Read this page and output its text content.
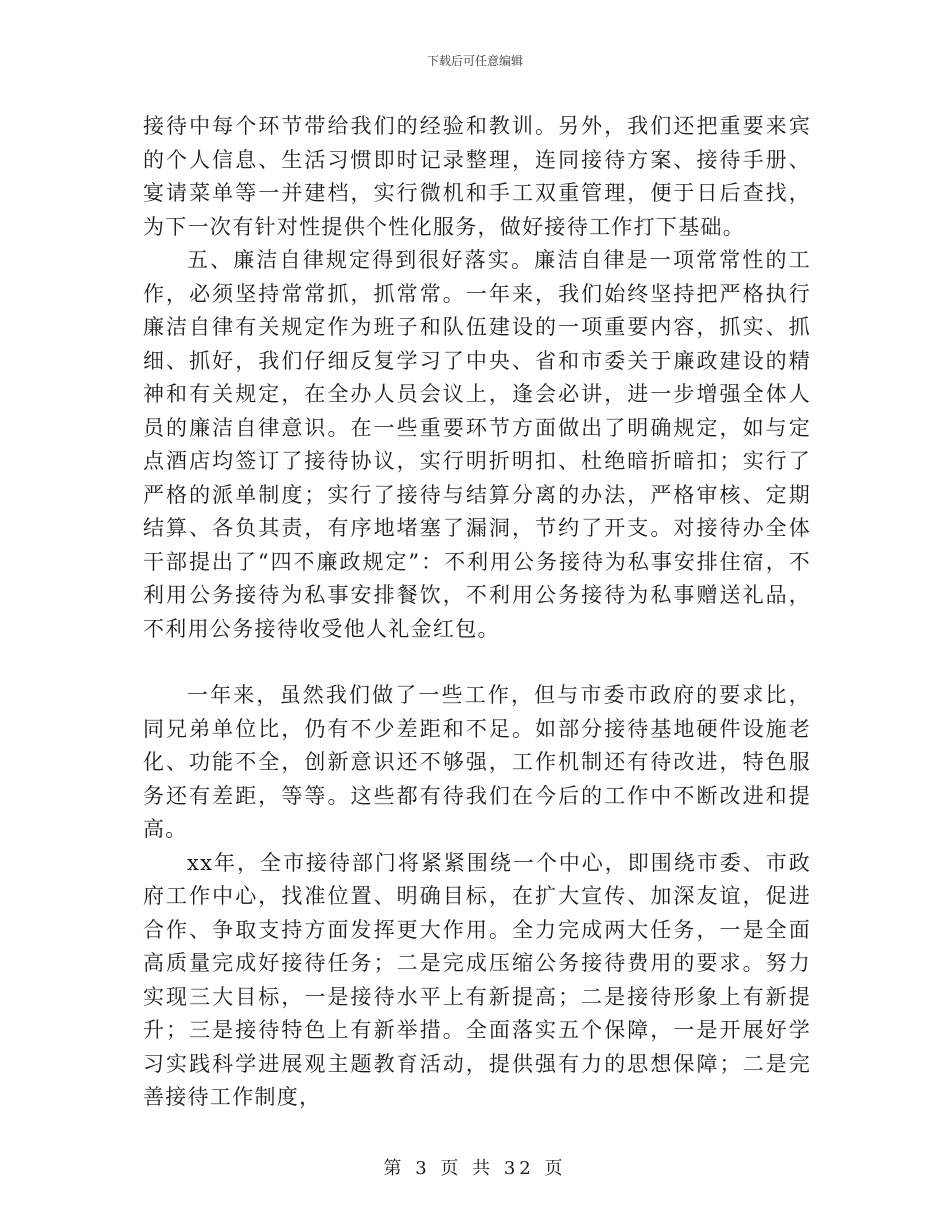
下载后可任意编辑

接待中每个环节带给我们的经验和教训。另外，我们还把重要来宾的个人信息、生活习惯即时记录整理，连同接待方案、接待手册、宴请菜单等一并建档，实行微机和手工双重管理，便于日后查找，为下一次有针对性提供个性化服务，做好接待工作打下基础。

五、廉洁自律规定得到很好落实。廉洁自律是一项常常性的工作，必须坚持常常抓，抓常常。一年来，我们始终坚持把严格执行廉洁自律有关规定作为班子和队伍建设的一项重要内容，抓实、抓细、抓好，我们仔细反复学习了中央、省和市委关于廉政建设的精神和有关规定，在全办人员会议上，逢会必讲，进一步增强全体人员的廉洁自律意识。在一些重要环节方面做出了明确规定，如与定点酒店均签订了接待协议，实行明折明扣、杜绝暗折暗扣；实行了严格的派单制度；实行了接待与结算分离的办法，严格审核、定期结算、各负其责，有序地堵塞了漏洞，节约了开支。对接待办全体干部提出了“四不廉政规定”：不利用公务接待为私事安排住宿，不利用公务接待为私事安排餐饮，不利用公务接待为私事赠送礼品，不利用公务接待收受他人礼金红包。

一年来，虽然我们做了一些工作，但与市委市政府的要求比，同兄弟单位比，仍有不少差距和不足。如部分接待基地硬件设施老化、功能不全，创新意识还不够强，工作机制还有待改进，特色服务还有差距，等等。这些都有待我们在今后的工作中不断改进和提高。

xx年，全市接待部门将紧紧围绕一个中心，即围绕市委、市政府工作中心，找准位置、明确目标，在扩大宣传、加深友谊，促进合作、争取支持方面发挥更大作用。全力完成两大任务，一是全面高质量完成好接待任务；二是完成压缩公务接待费用的要求。努力实现三大目标，一是接待水平上有新提高；二是接待形象上有新提升；三是接待特色上有新举措。全面落实五个保障，一是开展好学习实践科学进展观主题教育活动，提供强有力的思想保障；二是完善接待工作制度，

第 3 页 共 32 页
